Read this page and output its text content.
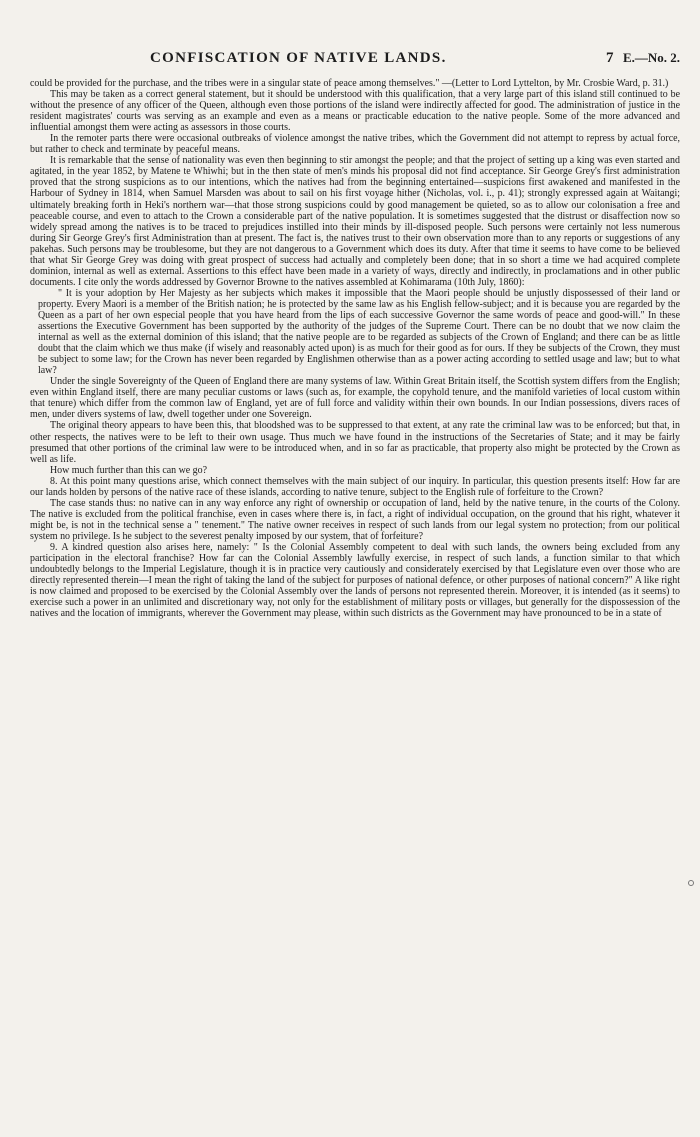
CONFISCATION OF NATIVE LANDS.	7 E.—No. 2.

could be provided for the purchase, and the tribes were in a singular state of peace among themselves." —(Letter to Lord Lyttelton, by Mr. Crosbie Ward, p. 31.)

This may be taken as a correct general statement, but it should be understood with this qualification, that a very large part of this island still continued to be without the presence of any officer of the Queen, although even those portions of the island were indirectly affected for good. The administration of justice in the resident magistrates' courts was serving as an example and even as a means or practicable education to the native people. Some of the more advanced and influential amongst them were acting as assessors in those courts.

In the remoter parts there were occasional outbreaks of violence amongst the native tribes, which the Government did not attempt to repress by actual force, but rather to check and terminate by peaceful means.

It is remarkable that the sense of nationality was even then beginning to stir amongst the people; and that the project of setting up a king was even started and agitated, in the year 1852, by Matene te Whiwhi; but in the then state of men's minds his proposal did not find acceptance. Sir George Grey's first administration proved that the strong suspicions as to our intentions, which the natives had from the beginning entertained—suspicions first awakened and manifested in the Harbour of Sydney in 1814, when Samuel Marsden was about to sail on his first voyage hither (Nicholas, vol. i., p. 41); strongly expressed again at Waitangi; ultimately breaking forth in Heki's northern war—that those strong suspicions could by good management be quieted, so as to allow our colonisation a free and peaceable course, and even to attach to the Crown a considerable part of the native population. It is sometimes suggested that the distrust or disaffection now so widely spread among the natives is to be traced to prejudices instilled into their minds by ill-disposed people. Such persons were certainly not less numerous during Sir George Grey's first Administration than at present. The fact is, the natives trust to their own observation more than to any reports or suggestions of any pakehas. Such persons may be troublesome, but they are not dangerous to a Government which does its duty. After that time it seems to have come to be believed that what Sir George Grey was doing with great prospect of success had actually and completely been done; that in so short a time we had acquired complete dominion, internal as well as external. Assertions to this effect have been made in a variety of ways, directly and indirectly, in proclamations and in other public documents. I cite only the words addressed by Governor Browne to the natives assembled at Kohimarama (10th July, 1860):

" It is your adoption by Her Majesty as her subjects which makes it impossible that the Maori people should be unjustly dispossessed of their land or property. Every Maori is a member of the British nation; he is protected by the same law as his English fellow-subject; and it is because you are regarded by the Queen as a part of her own especial people that you have heard from the lips of each successive Governor the same words of peace and good-will." In these assertions the Executive Government has been supported by the authority of the judges of the Supreme Court. There can be no doubt that we now claim the internal as well as the external dominion of this island; that the native people are to be regarded as subjects of the Crown of England; and there can be as little doubt that the claim which we thus make (if wisely and reasonably acted upon) is as much for their good as for ours. If they be subjects of the Crown, they must be subject to some law; for the Crown has never been regarded by Englishmen otherwise than as a power acting according to settled usage and law; but to what law?

Under the single Sovereignty of the Queen of England there are many systems of law. Within Great Britain itself, the Scottish system differs from the English; even within England itself, there are many peculiar customs or laws (such as, for example, the copyhold tenure, and the manifold varieties of local custom within that tenure) which differ from the common law of England, yet are of full force and validity within their own bounds. In our Indian possessions, divers races of men, under divers systems of law, dwell together under one Sovereign.

The original theory appears to have been this, that bloodshed was to be suppressed to that extent, at any rate the criminal law was to be enforced; but that, in other respects, the natives were to be left to their own usage. Thus much we have found in the instructions of the Secretaries of State; and it may be fairly presumed that other portions of the criminal law were to be introduced when, and in so far as practicable, that property also might be protected by the Crown as well as life.

How much further than this can we go?

8. At this point many questions arise, which connect themselves with the main subject of our inquiry. In particular, this question presents itself: How far are our lands holden by persons of the native race of these islands, according to native tenure, subject to the English rule of forfeiture to the Crown?

The case stands thus: no native can in any way enforce any right of ownership or occupation of land, held by the native tenure, in the courts of the Colony. The native is excluded from the political franchise, even in cases where there is, in fact, a right of individual occupation, on the ground that his right, whatever it might be, is not in the technical sense a " tenement." The native owner receives in respect of such lands from our legal system no protection; from our political system no privilege. Is he subject to the severest penalty imposed by our system, that of forfeiture?

9. A kindred question also arises here, namely: " Is the Colonial Assembly competent to deal with such lands, the owners being excluded from any participation in the electoral franchise? How far can the Colonial Assembly lawfully exercise, in respect of such lands, a function similar to that which undoubtedly belongs to the Imperial Legislature, though it is in practice very cautiously and considerately exercised by that Legislature even over those who are directly represented therein—I mean the right of taking the land of the subject for purposes of national defence, or other purposes of national concern?" A like right is now claimed and proposed to be exercised by the Colonial Assembly over the lands of persons not represented therein. Moreover, it is intended (as it seems) to exercise such a power in an unlimited and discretionary way, not only for the establishment of military posts or villages, but generally for the dispossession of the natives and the location of immigrants, wherever the Government may please, within such districts as the Government may have pronounced to be in a state of
